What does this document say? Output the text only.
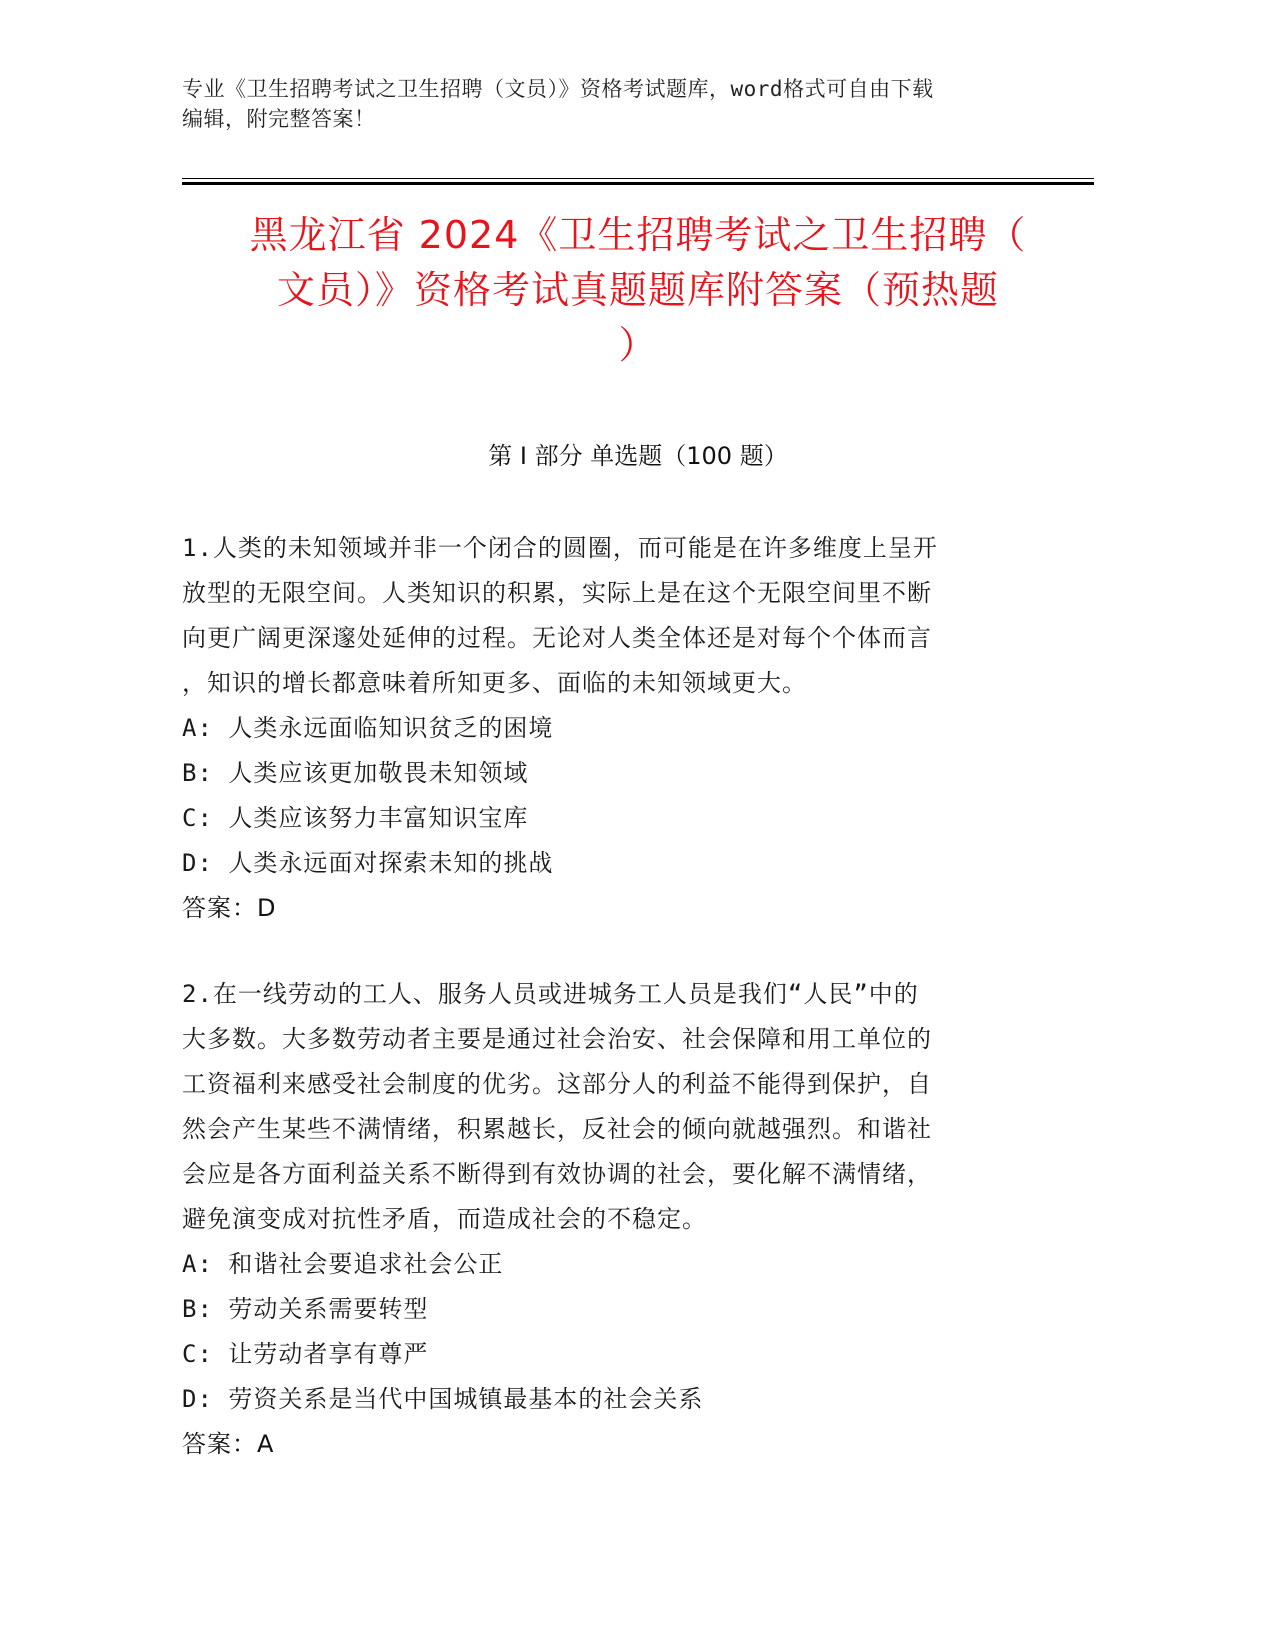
专业《卫生招聘考试之卫生招聘（文员）》资格考试题库，word格式可自由下载
编辑，附完整答案！
黑龙江省 2024《卫生招聘考试之卫生招聘（
文员）》资格考试真题题库附答案（预热题
）
第 I 部分 单选题（100 题）

1.人类的未知领域并非一个闭合的圆圈，而可能是在许多维度上呈开

放型的无限空间。人类知识的积累，实际上是在这个无限空间里不断

向更广阔更深邃处延伸的过程。无论对人类全体还是对每个个体而言

，知识的增长都意味着所知更多、面临的未知领域更大。

A: 人类永远面临知识贫乏的困境
B: 人类应该更加敬畏未知领域
C: 人类应该努力丰富知识宝库
D: 人类永远面对探索未知的挑战

答案：D

2.在一线劳动的工人、服务人员或进城务工人员是我们“人民”中的

大多数。大多数劳动者主要是通过社会治安、社会保障和用工单位的

工资福利来感受社会制度的优劣。这部分人的利益不能得到保护，自

然会产生某些不满情绪，积累越长，反社会的倾向就越强烈。和谐社

会应是各方面利益关系不断得到有效协调的社会，要化解不满情绪，

避免演变成对抗性矛盾，而造成社会的不稳定。

A: 和谐社会要追求社会公正
B: 劳动关系需要转型
C: 让劳动者享有尊严
D: 劳资关系是当代中国城镇最基本的社会关系

答案：A
